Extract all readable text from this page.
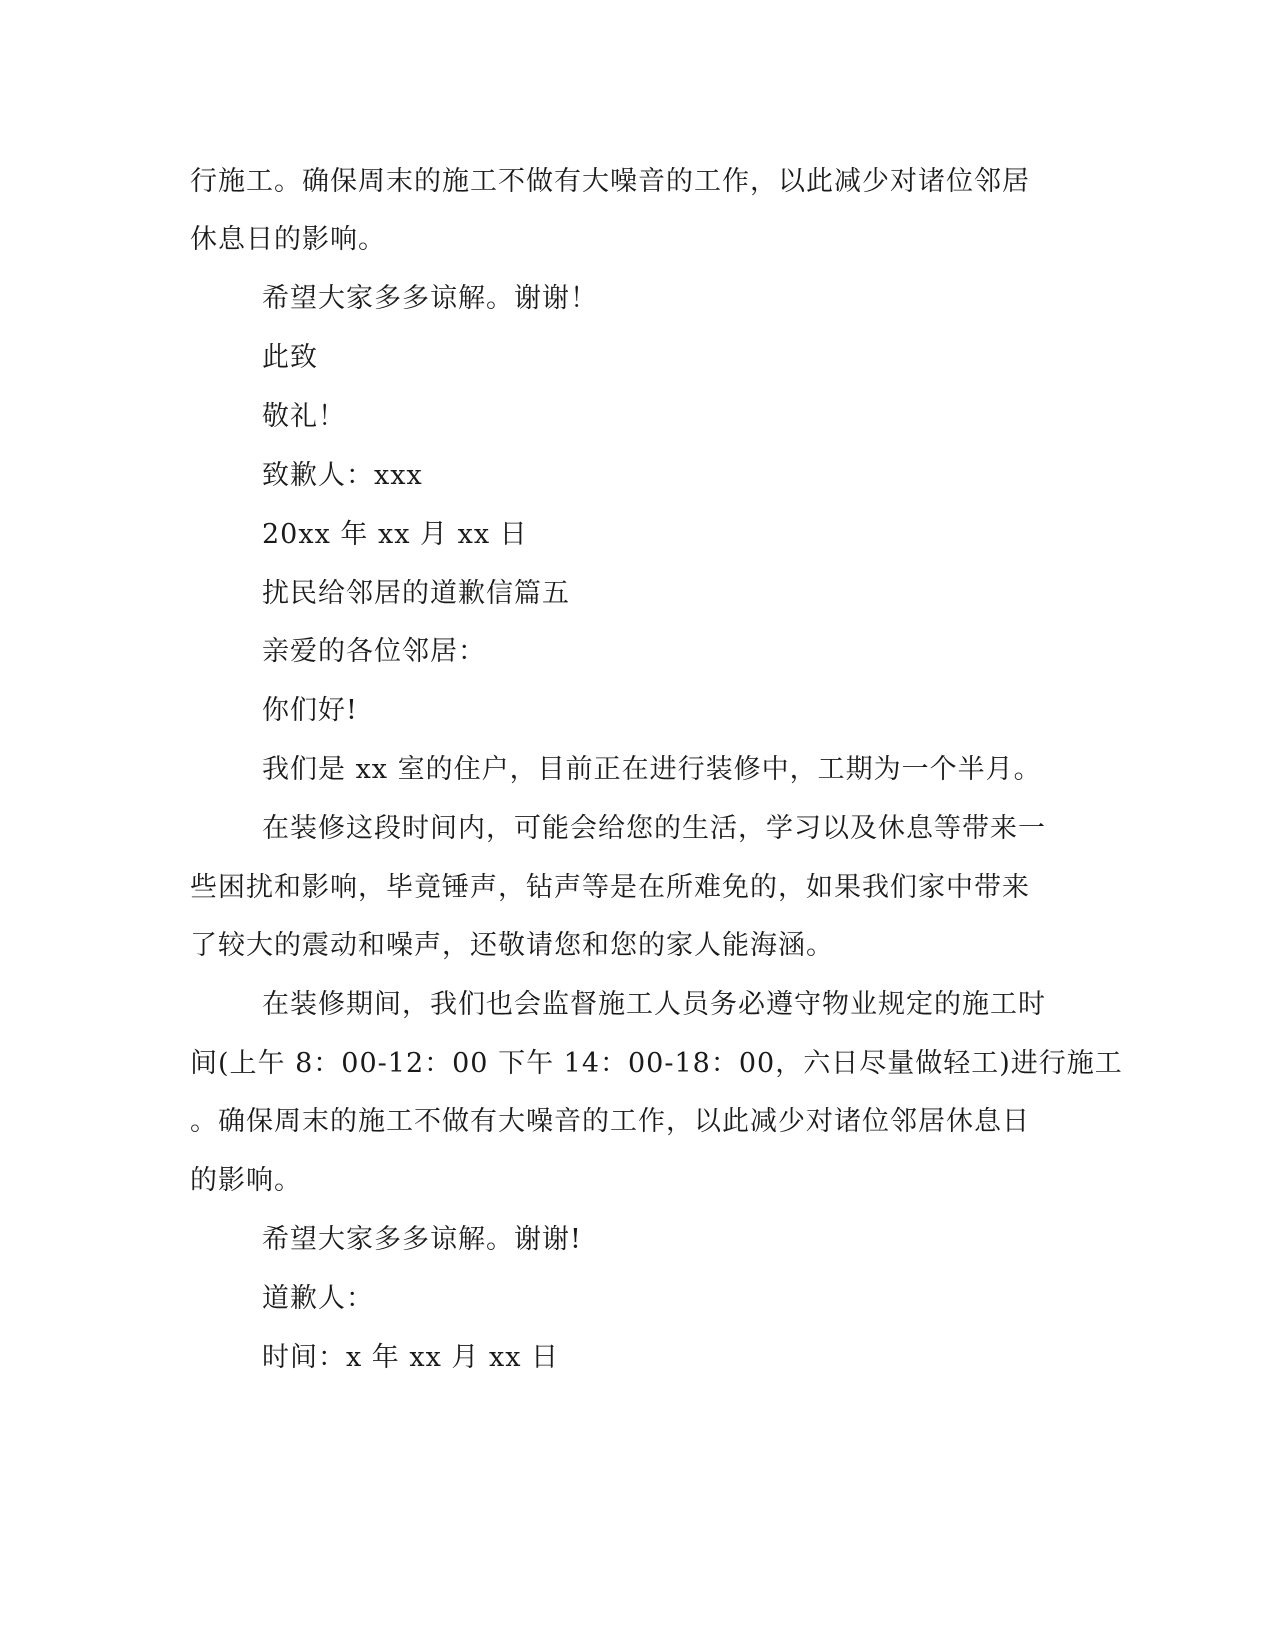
行施工。确保周末的施工不做有大噪音的工作，以此减少对诸位邻居
休息日的影响。
希望大家多多谅解。谢谢！
此致
敬礼！
致歉人：xxx
20xx 年 xx 月 xx 日
扰民给邻居的道歉信篇五
亲爱的各位邻居：
你们好!
我们是 xx 室的住户，目前正在进行装修中，工期为一个半月。
在装修这段时间内，可能会给您的生活，学习以及休息等带来一
些困扰和影响，毕竟锤声，钻声等是在所难免的，如果我们家中带来
了较大的震动和噪声，还敬请您和您的家人能海涵。
在装修期间，我们也会监督施工人员务必遵守物业规定的施工时
间(上午 8：00-12：00 下午 14：00-18：00，六日尽量做轻工)进行施工
。确保周末的施工不做有大噪音的工作，以此减少对诸位邻居休息日
的影响。
希望大家多多谅解。谢谢!
道歉人：
时间：x 年 xx 月 xx 日
